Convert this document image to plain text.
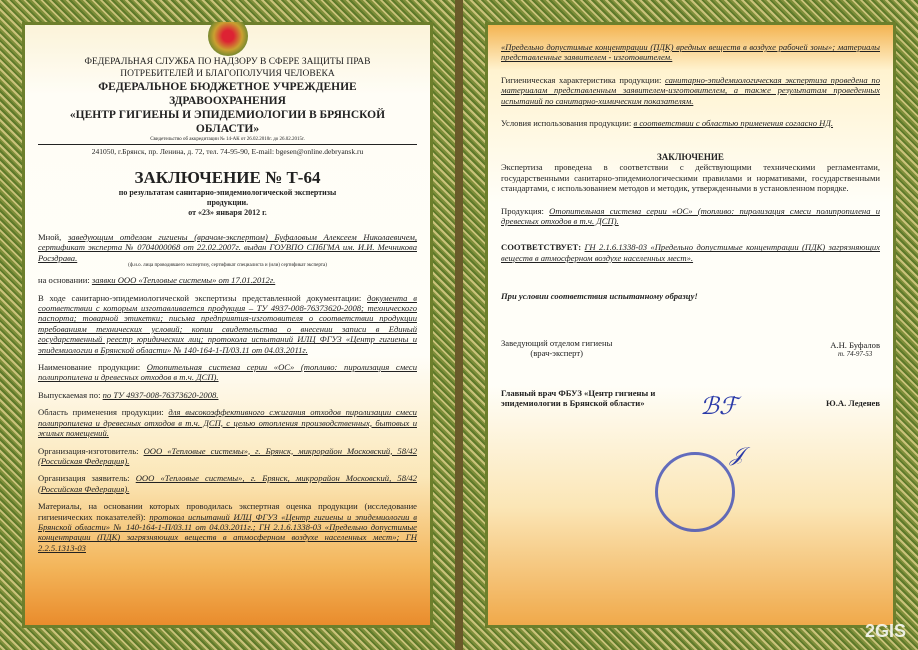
ФЕДЕРАЛЬНАЯ СЛУЖБА ПО НАДЗОРУ В СФЕРЕ ЗАЩИТЫ ПРАВ
ПОТРЕБИТЕЛЕЙ И БЛАГОПОЛУЧИЯ ЧЕЛОВЕКА
ФЕДЕРАЛЬНОЕ БЮДЖЕТНОЕ УЧРЕЖДЕНИЕ
ЗДРАВООХРАНЕНИЯ
«ЦЕНТР ГИГИЕНЫ И ЭПИДЕМИОЛОГИИ В БРЯНСКОЙ
ОБЛАСТИ»
Свидетельство об аккредитации № 14-АК от 26.02.2010г. до 26.02.2015г.
241050, г.Брянск, пр. Ленина, д. 72, тел. 74-95-90, E-mail: bgesen@online.debryansk.ru
ЗАКЛЮЧЕНИЕ № Т-64
по результатам санитарно-эпидемиологической экспертизы
продукции.
от «23» января 2012 г.

Мной, заведующим отделом гигиены (врачом-экспертом) Буфаловым Алексеем Николаевичем, сертификат эксперта № 0704000068 от 22.02.2007г. выдан ГОУВПО СПбГМА им. И.И. Мечникова Росздрава.

(ф.и.о. лица проводившего экспертизу, сертификат специалиста и (или) сертификат эксперта)

на основании: заявки ООО «Тепловые системы» от 17.01.2012г.

В ходе санитарно-эпидемиологической экспертизы представленной документации: документа в соответствии с которым изготавливается продукция – ТУ 4937-008-76373620-2008; технического паспорта; товарной этикетки; письма предприятия-изготовителя о соответствии продукции требованиям технических условий; копии свидетельства о внесении записи в Единый государственный реестр юридических лиц; протокола испытаний ИЛЦ ФГУЗ «Центр гигиены и эпидемиологии в Брянской области» № 140-164-1-П/03.11 от 04.03.2011г.

Наименование продукции: Отопительная система серии «ОС» (топливо: пиролизация смеси полипропилена и древесных отходов в т.ч. ДСП).

Выпускаемая по: по ТУ 4937-008-76373620-2008.

Область применения продукции: для высокоэффективного сжигания отходов пиролизации смеси полипропилена и древесных отходов в т.ч. ДСП, с целью отопления производственных, бытовых и жилых помещений.

Организация-изготовитель: ООО «Тепловые системы», г. Брянск, микрорайон Московский, 58/42 (Российская Федерация).

Организация заявитель: ООО «Тепловые системы», г. Брянск, микрорайон Московский, 58/42 (Российская Федерация).

Материалы, на основании которых проводилась экспертная оценка продукции (исследование гигиенических показателей): протокол испытаний ИЛЦ ФГУЗ «Центр гигиены и эпидемиологии в Брянской области» № 140-164-1-П/03.11 от 04.03.2011г.; ГН 2.1.6.1338-03 «Предельно допустимые концентрации (ПДК) загрязняющих веществ в атмосферном воздухе населенных мест»; ГН 2.2.5.1313-03

«Предельно допустимые концентрации (ПДК) вредных веществ в воздухе рабочей зоны»; материалы представленные заявителем - изготовителем.

Гигиеническая характеристика продукции: санитарно-эпидемиологическая экспертиза проведена по материалам представленным заявителем-изготовителем, а также результатам проведенных испытаний по санитарно-химическим показателям.

Условия использования продукции: в соответствии с областью применения согласно НД.

ЗАКЛЮЧЕНИЕ

Экспертиза проведена в соответствии с действующими техническими регламентами, государственными санитарно-эпидемиологическими правилами и нормативами, государственными стандартами, с использованием методов и методик, утвержденными в установленном порядке.

Продукция: Отопительная система серии «ОС» (топливо: пиролизация смеси полипропилена и древесных отходов в т.ч. ДСП).

СООТВЕТСТВУЕТ: ГН 2.1.6.1338-03 «Предельно допустимые концентрации (ПДК) загрязняющих веществ в атмосферном воздухе населенных мест».

При условии соответствия испытанному образцу!

Заведующий отделом гигиены
(врач-эксперт)
А.Н. Буфалов
т. 74-97-53
ℬℱ
Главный врач ФБУЗ «Центр гигиены и
эпидемиологии в Брянской области»	Ю.А. Леденев
𝒥
2GIS
